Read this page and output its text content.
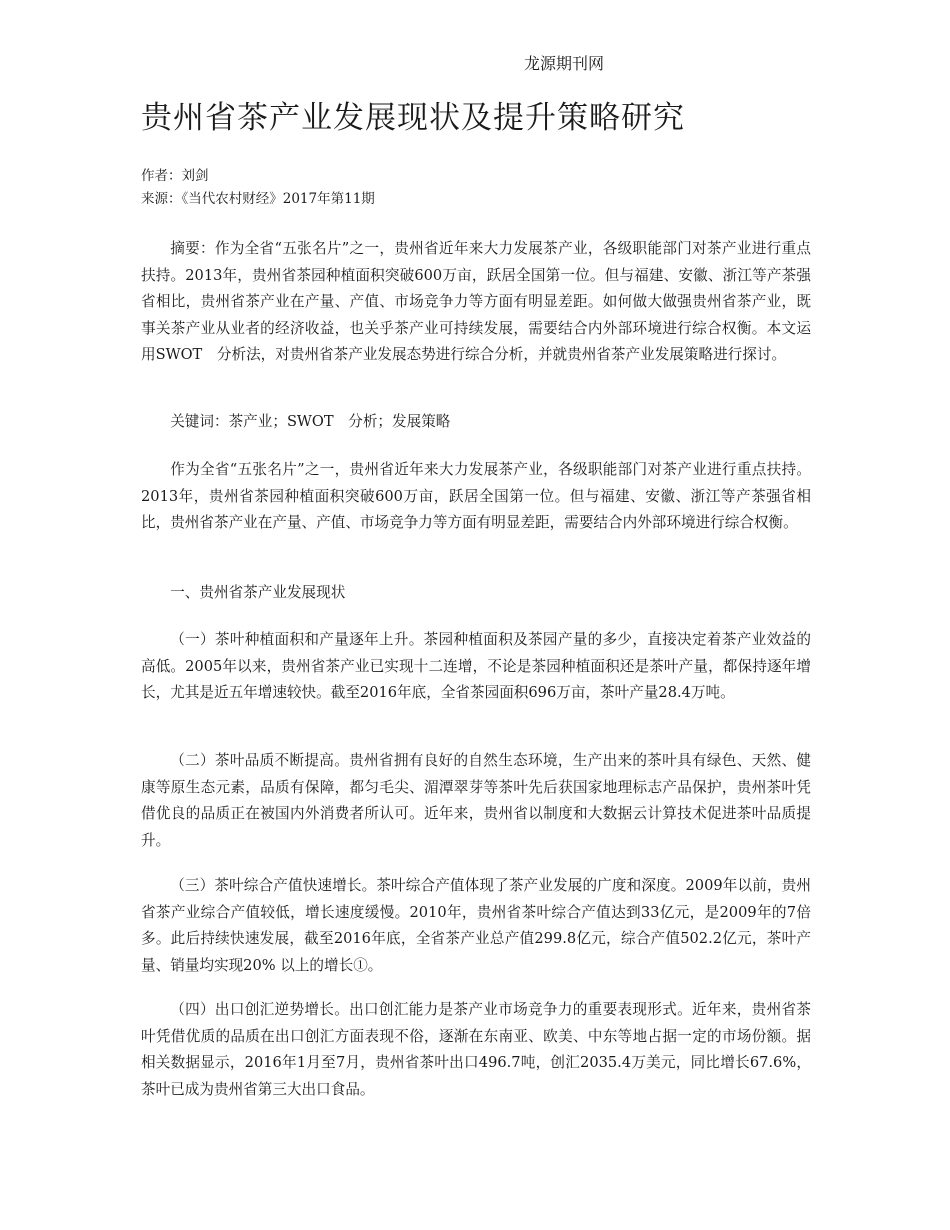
龙源期刊网
贵州省茶产业发展现状及提升策略研究
作者：刘剑
来源：《当代农村财经》2017年第11期

摘要：作为全省“五张名片”之一，贵州省近年来大力发展茶产业，各级职能部门对茶产业进行重点扶持。2013年，贵州省茶园种植面积突破600万亩，跃居全国第一位。但与福建、安徽、浙江等产茶强省相比，贵州省茶产业在产量、产值、市场竞争力等方面有明显差距。如何做大做强贵州省茶产业，既事关茶产业从业者的经济收益，也关乎茶产业可持续发展，需要结合内外部环境进行综合权衡。本文运用SWOT　分析法，对贵州省茶产业发展态势进行综合分析，并就贵州省茶产业发展策略进行探讨。

关键词：茶产业；SWOT　分析；发展策略

作为全省“五张名片”之一，贵州省近年来大力发展茶产业，各级职能部门对茶产业进行重点扶持。2013年，贵州省茶园种植面积突破600万亩，跃居全国第一位。但与福建、安徽、浙江等产茶强省相比，贵州省茶产业在产量、产值、市场竞争力等方面有明显差距，需要结合内外部环境进行综合权衡。

一、贵州省茶产业发展现状

（一）茶叶种植面积和产量逐年上升。茶园种植面积及茶园产量的多少，直接决定着茶产业效益的高低。2005年以来，贵州省茶产业已实现十二连增，不论是茶园种植面积还是茶叶产量，都保持逐年增长，尤其是近五年增速较快。截至2016年底，全省茶园面积696万亩，茶叶产量28.4万吨。

（二）茶叶品质不断提高。贵州省拥有良好的自然生态环境，生产出来的茶叶具有绿色、天然、健康等原生态元素，品质有保障，都匀毛尖、湄潭翠芽等茶叶先后获国家地理标志产品保护，贵州茶叶凭借优良的品质正在被国内外消费者所认可。近年来，贵州省以制度和大数据云计算技术促进茶叶品质提升。

（三）茶叶综合产值快速增长。茶叶综合产值体现了茶产业发展的广度和深度。2009年以前，贵州省茶产业综合产值较低，增长速度缓慢。2010年，贵州省茶叶综合产值达到33亿元，是2009年的7倍多。此后持续快速发展，截至2016年底，全省茶产业总产值299.8亿元，综合产值502.2亿元，茶叶产量、销量均实现20% 以上的增长①。

（四）出口创汇逆势增长。出口创汇能力是茶产业市场竞争力的重要表现形式。近年来，贵州省茶叶凭借优质的品质在出口创汇方面表现不俗，逐渐在东南亚、欧美、中东等地占据一定的市场份额。据相关数据显示，2016年1月至7月，贵州省茶叶出口496.7吨，创汇2035.4万美元，同比增长67.6%，茶叶已成为贵州省第三大出口食品。
